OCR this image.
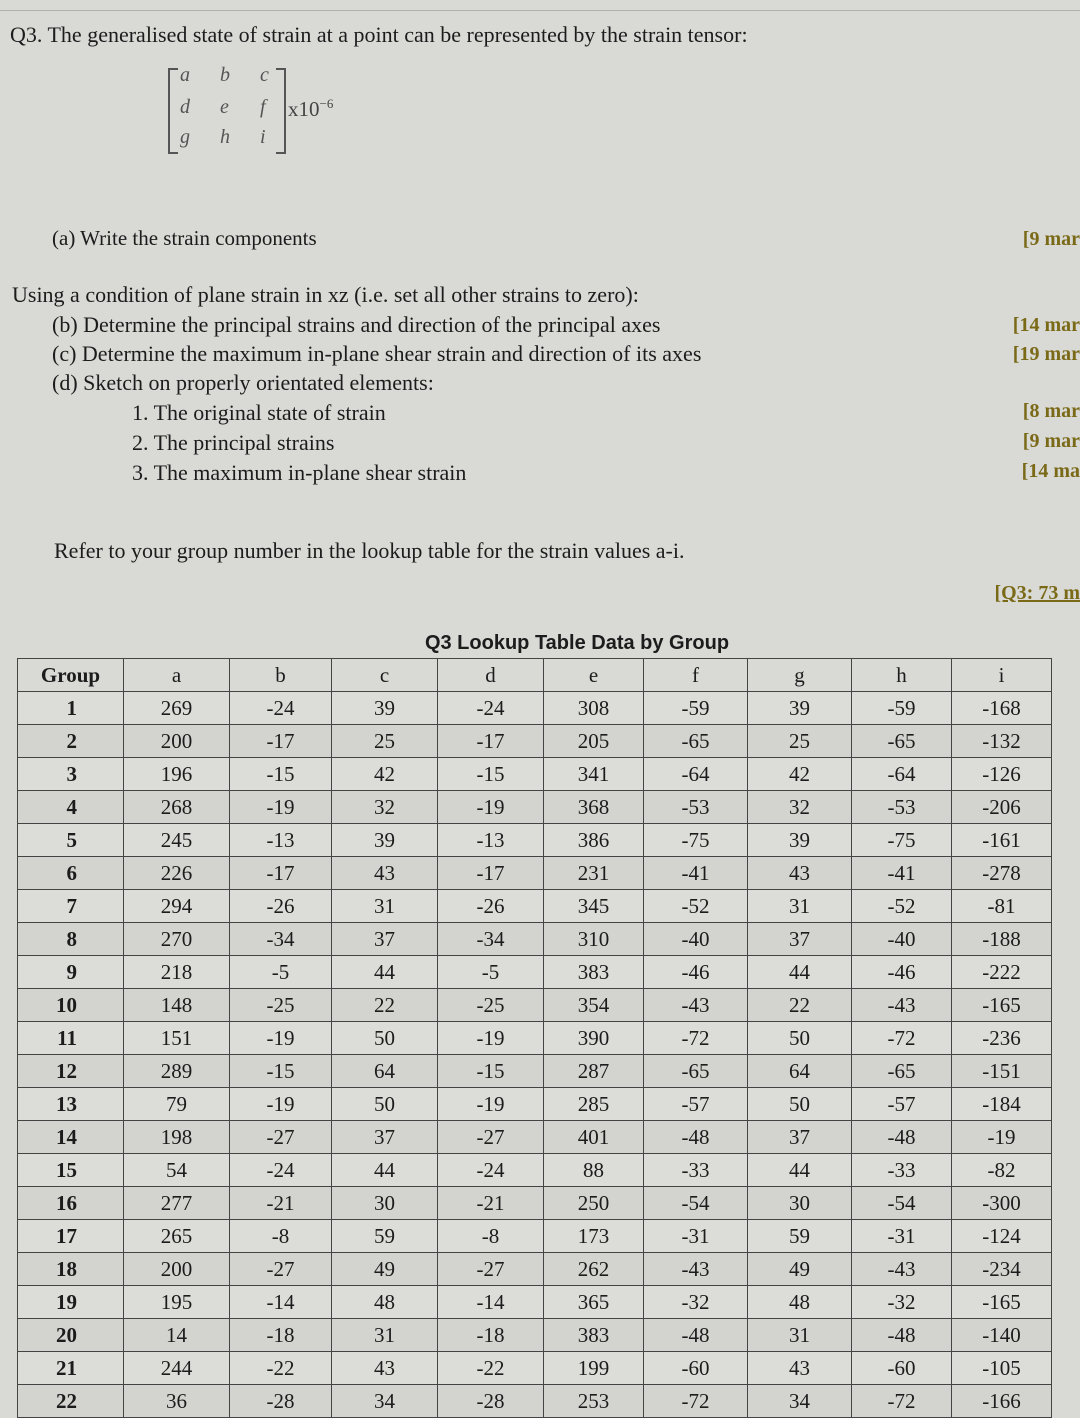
Q3. The generalised state of strain at a point can be represented by the strain tensor:
a b c
d e f
g h i
$x10^{-6}$
(a) Write the strain components	[9 mar
Using a condition of plane strain in xz (i.e. set all other strains to zero):
(b) Determine the principal strains and direction of the principal axes	[14 mar
(c) Determine the maximum in-plane shear strain and direction of its axes	[19 mar
(d) Sketch on properly orientated elements:
1. The original state of strain	[8 mar
2. The principal strains	[9 mar
3. The maximum in-plane shear strain	[14 ma
Refer to your group number in the lookup table for the strain values a-i.
[Q3: 73 m
Q3 Lookup Table Data by Group
Group	a	b	c	d	e	f	g	h	i
1	269	-24	39	-24	308	-59	39	-59	-168
2	200	-17	25	-17	205	-65	25	-65	-132
3	196	-15	42	-15	341	-64	42	-64	-126
4	268	-19	32	-19	368	-53	32	-53	-206
5	245	-13	39	-13	386	-75	39	-75	-161
6	226	-17	43	-17	231	-41	43	-41	-278
7	294	-26	31	-26	345	-52	31	-52	-81
8	270	-34	37	-34	310	-40	37	-40	-188
9	218	-5	44	-5	383	-46	44	-46	-222
10	148	-25	22	-25	354	-43	22	-43	-165
11	151	-19	50	-19	390	-72	50	-72	-236
12	289	-15	64	-15	287	-65	64	-65	-151
13	79	-19	50	-19	285	-57	50	-57	-184
14	198	-27	37	-27	401	-48	37	-48	-19
15	54	-24	44	-24	88	-33	44	-33	-82
16	277	-21	30	-21	250	-54	30	-54	-300
17	265	-8	59	-8	173	-31	59	-31	-124
18	200	-27	49	-27	262	-43	49	-43	-234
19	195	-14	48	-14	365	-32	48	-32	-165
20	14	-18	31	-18	383	-48	31	-48	-140
21	244	-22	43	-22	199	-60	43	-60	-105
22	36	-28	34	-28	253	-72	34	-72	-166
